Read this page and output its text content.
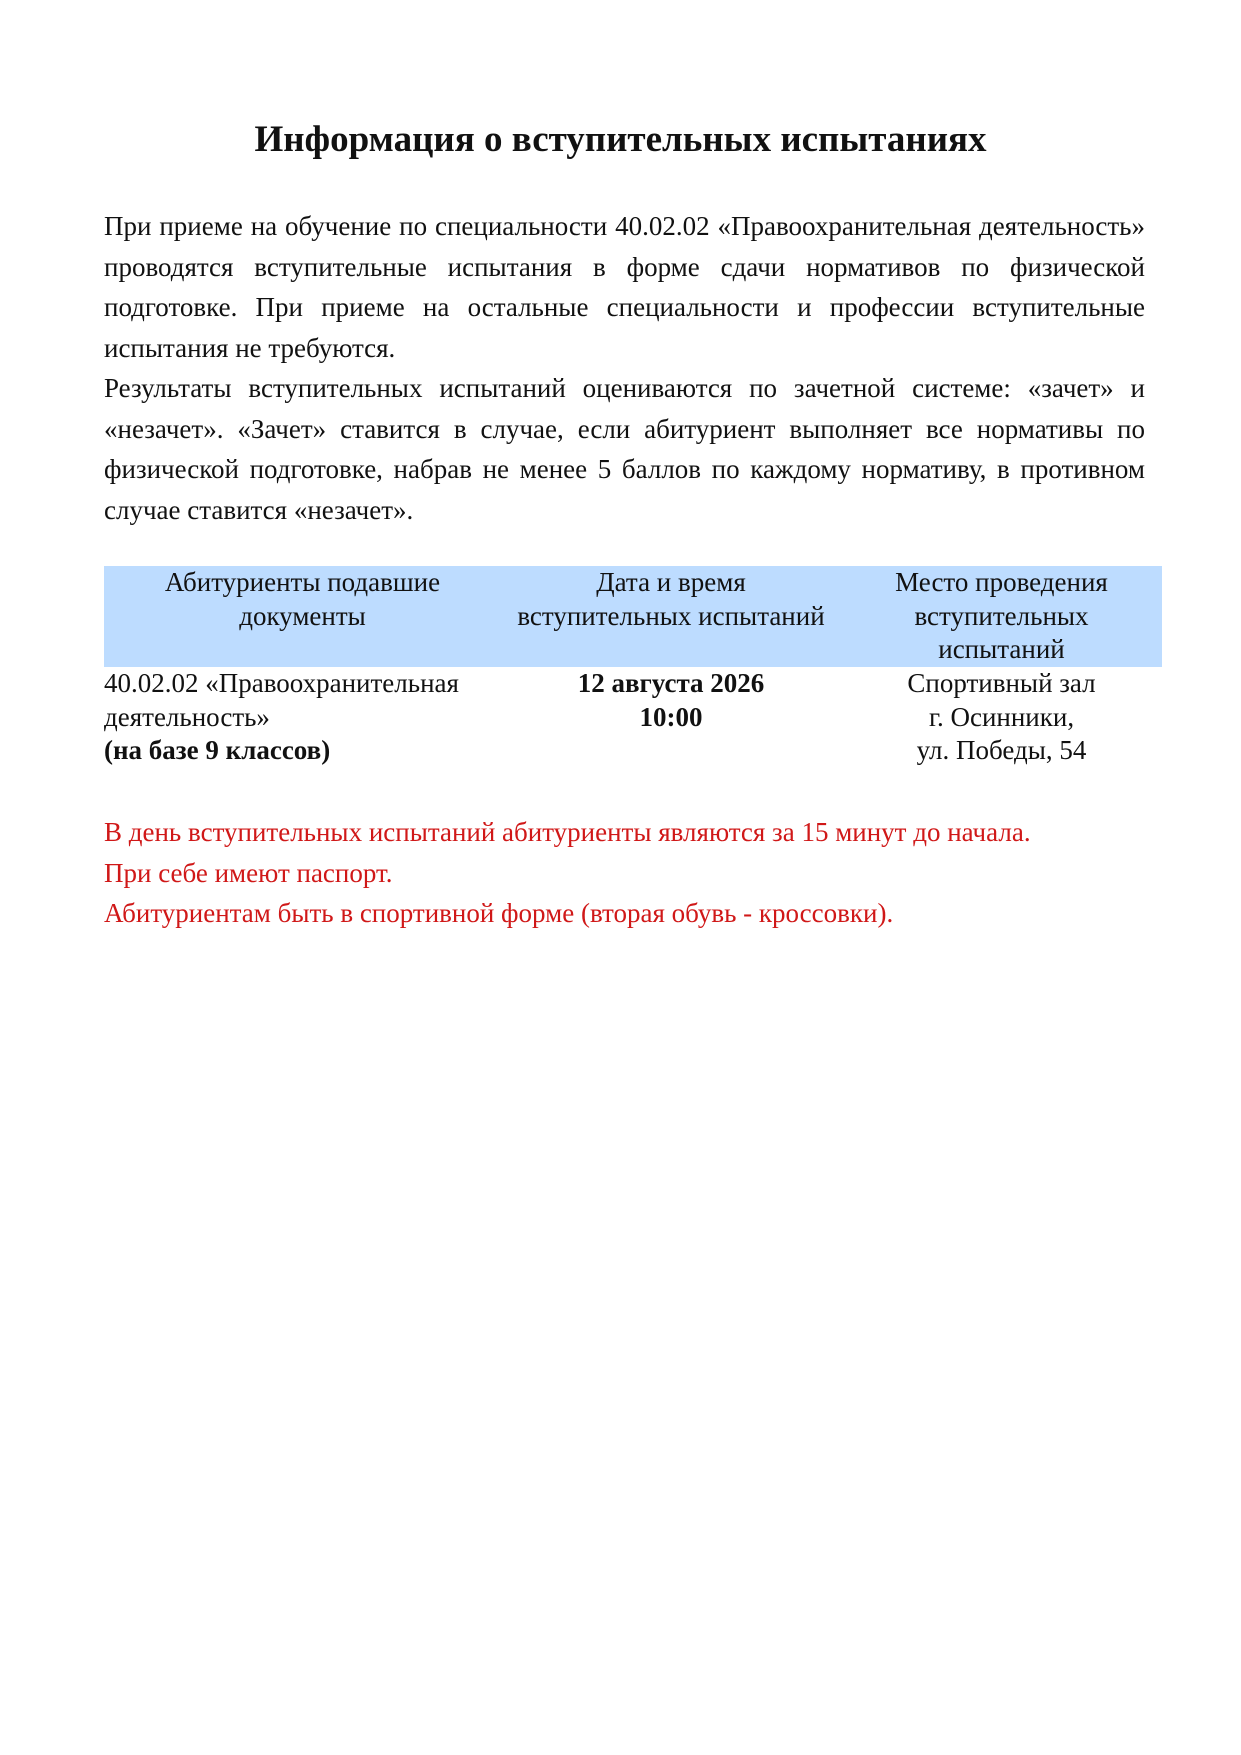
Информация о вступительных испытаниях

При приеме на обучение по специальности 40.02.02 «Правоохранительная деятельность» проводятся вступительные испытания в форме сдачи нормативов по физической подготовке. При приеме на остальные специальности и профессии вступительные испытания не требуются.

Результаты вступительных испытаний оцениваются по зачетной системе: «зачет» и «незачет». «Зачет» ставится в случае, если абитуриент выполняет все нормативы по физической подготовке, набрав не менее 5 баллов по каждому нормативу, в противном случае ставится «незачет».

Абитуриенты подавшие
документы
Дата и время
вступительных испытаний
Место проведения
вступительных
испытаний
40.02.02 «Правоохранительная
деятельность»
(на базе 9 классов)
12 августа 2026
10:00
Спортивный зал
г. Осинники,
ул. Победы, 54
В день вступительных испытаний абитуриенты являются за 15 минут до начала.
При себе имеют паспорт.
Абитуриентам быть в спортивной форме (вторая обувь - кроссовки).
